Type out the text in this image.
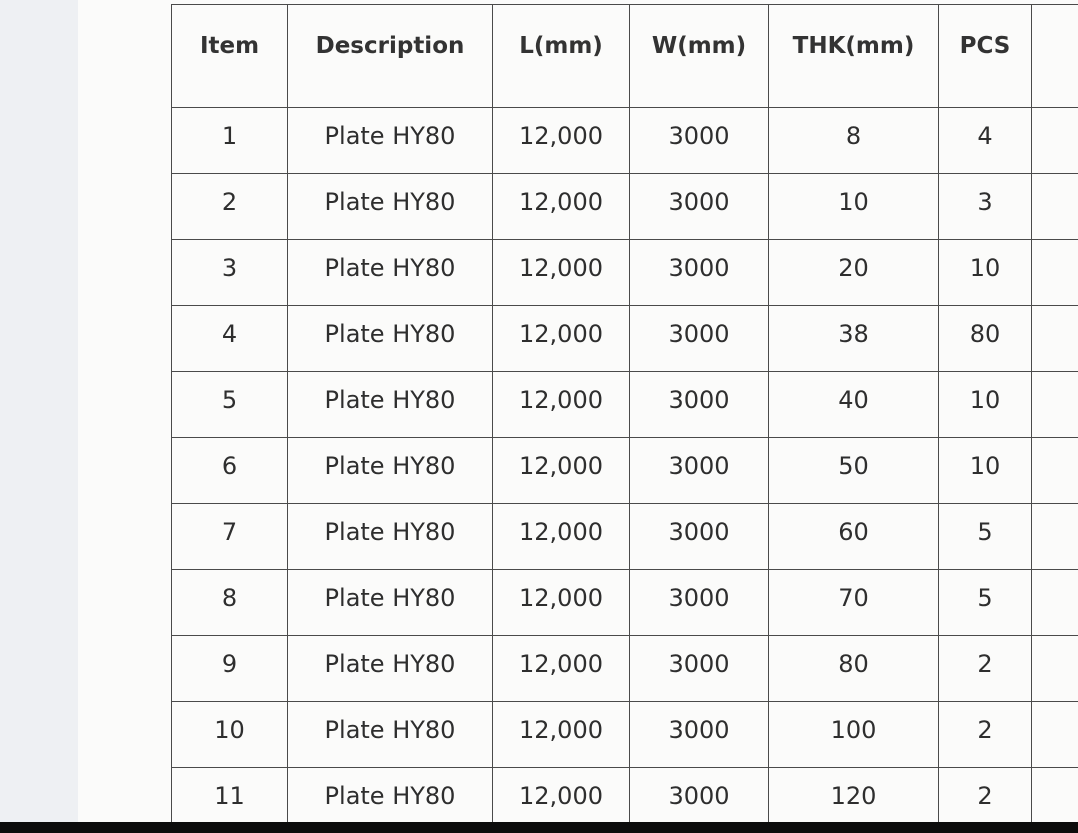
Item	Description	L(mm)	W(mm)	THK(mm)	PCS	
1	Plate HY80	12,000	3000	8	4	
2	Plate HY80	12,000	3000	10	3	
3	Plate HY80	12,000	3000	20	10	
4	Plate HY80	12,000	3000	38	80	
5	Plate HY80	12,000	3000	40	10	
6	Plate HY80	12,000	3000	50	10	
7	Plate HY80	12,000	3000	60	5	
8	Plate HY80	12,000	3000	70	5	
9	Plate HY80	12,000	3000	80	2	
10	Plate HY80	12,000	3000	100	2	
11	Plate HY80	12,000	3000	120	2	
